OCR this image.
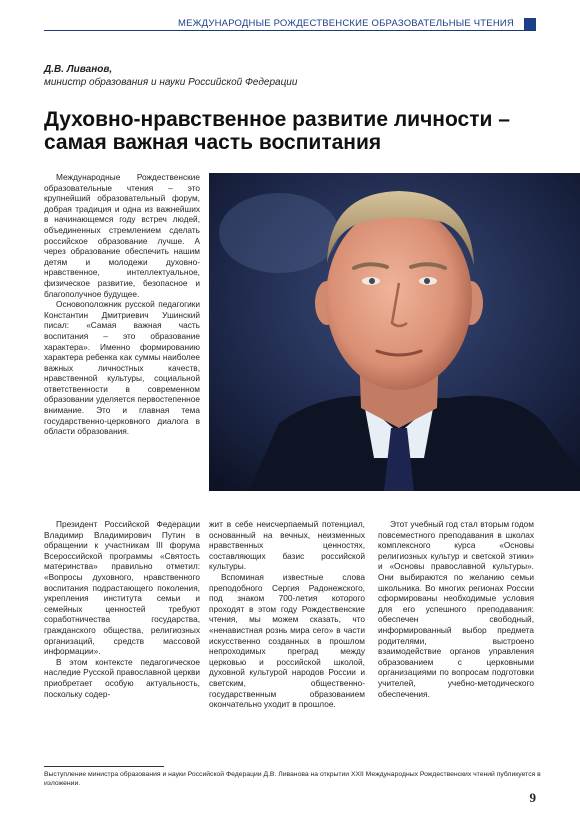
МЕЖДУНАРОДНЫЕ РОЖДЕСТВЕНСКИЕ ОБРАЗОВАТЕЛЬНЫЕ ЧТЕНИЯ
Д.В. Ливанов,
министр образования и науки Российской Федерации
Духовно-нравственное развитие личности – самая важная часть воспитания

Международные Рождественские образовательные чтения – это крупнейший образовательный форум, добрая традиция и одна из важнейших в начинающемся году встреч людей, объединенных стремлением сделать российское образование лучше. А через образование обеспечить нашим детям и молодежи духовно-нравственное, интеллектуальное, физическое развитие, безопасное и благополучное будущее.

Основоположник русской педагогики Константин Дмитриевич Ушинский писал: «Самая важная часть воспитания – это образование характера». Именно формированию характера ребенка как суммы наиболее важных личностных качеств, нравственной культуры, социальной ответственности в современном образовании уделяется первостепенное внимание. Это и главная тема государственно-церковного диалога в области образования.

Президент Российской Федерации Владимир Владимирович Путин в обращении к участникам III форума Всероссийской программы «Святость материнства» правильно отметил: «Вопросы духовного, нравственного воспитания подрастающего поколения, укрепления института семьи и семейных ценностей требуют соработничества государства, гражданского общества, религиозных организаций, средств массовой информации».

В этом контексте педагогическое наследие Русской православной церкви приобретает особую актуальность, поскольку содер-

жит в себе неисчерпаемый потенциал, основанный на вечных, неизменных нравственных ценностях, составляющих базис российской культуры.

Вспоминая известные слова преподобного Сергия Радонежского, под знаком 700-летия которого проходят в этом году Рождественские чтения, мы можем сказать, что «ненавистная рознь мира сего» в части искусственно созданных в прошлом непроходимых преград между церковью и российской школой, духовной культурой народов России и светским, общественно-государственным образованием окончательно уходит в прошлое.

Этот учебный год стал вторым годом повсеместного преподавания в школах комплексного курса «Основы религиозных культур и светской этики» и «Основы православной культуры». Они выбираются по желанию семьи школьника. Во многих регионах России сформированы необходимые условия для его успешного преподавания: обеспечен свободный, информированный выбор предмета родителями, выстроено взаимодействие органов управления образованием с церковными организациями по вопросам подготовки учителей, учебно-методического обеспечения.

Выступление министра образования и науки Российской Федерации Д.В. Ливанова на открытии XXII Международных Рождественских чтений публикуется в изложении.
9
